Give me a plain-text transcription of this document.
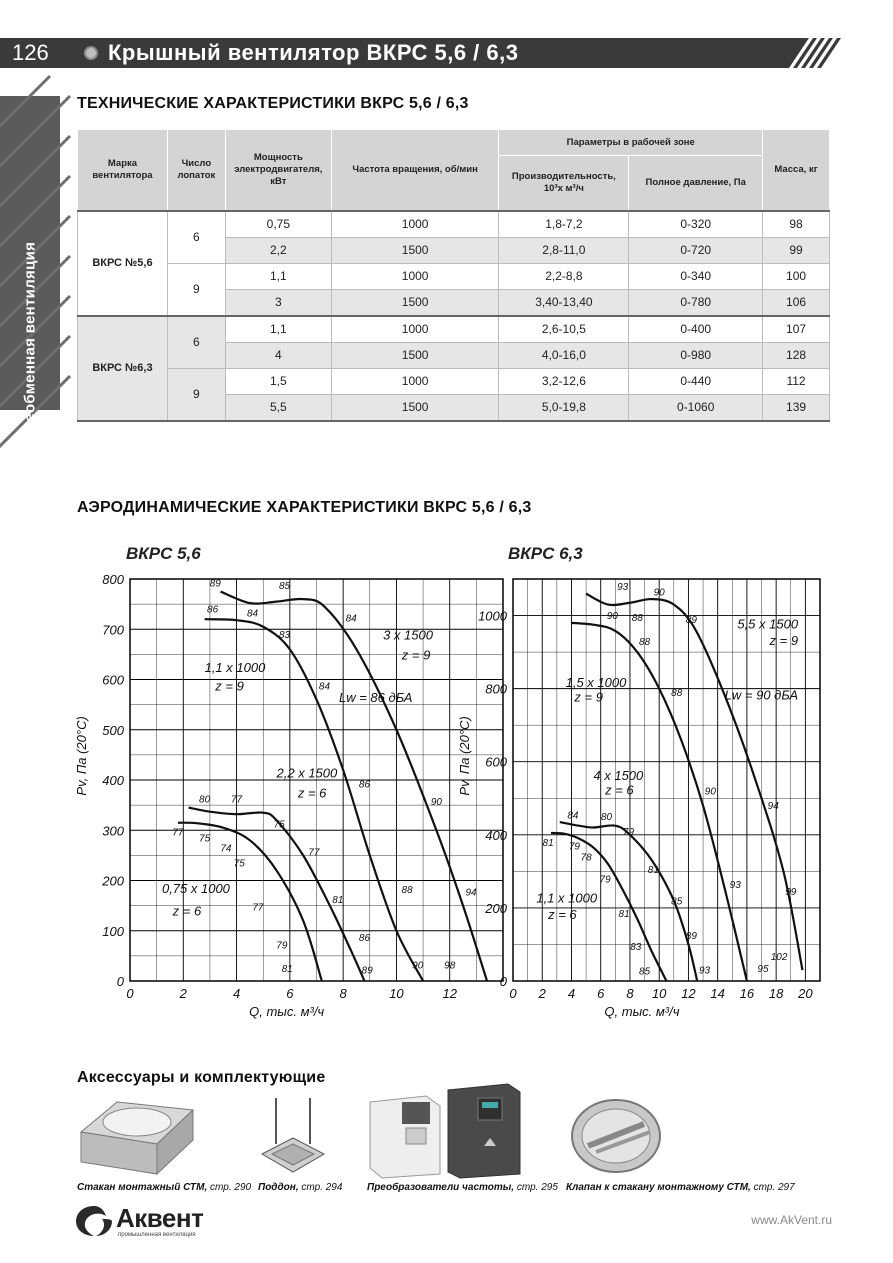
126	Крышный вентилятор ВКРС 5,6 / 6,3
Общеобменная вентиляция
ТЕХНИЧЕСКИЕ ХАРАКТЕРИСТИКИ ВКРС 5,6 / 6,3
Марка вентилятора	Число лопаток	Мощность электродвигателя, кВт	Частота вращения, об/мин	Параметры в рабочей зоне		Масса, кг
				Производительность, 10³х м³/ч	Полное давление, Па	
ВКРС №5,6	6	0,75	1000	1,8-7,2	0-320	98
		2,2	1500	2,8-11,0	0-720	99
	9	1,1	1000	2,2-8,8	0-340	100
		3	1500	3,40-13,40	0-780	106
ВКРС №6,3	6	1,1	1000	2,6-10,5	0-400	107
		4	1500	4,0-16,0	0-980	128
	9	1,5	1000	3,2-12,6	0-440	112
		5,5	1500	5,0-19,8	0-1060	139
АЭРОДИНАМИЧЕСКИЕ ХАРАКТЕРИСТИКИ ВКРС 5,6 / 6,3
ВКРС 5,6	ВКРС 6,3
0	2	4	6	8	10	12
0
100
200
300
400
500
600
700
800
Q, тыс. м³/ч
Pv, Па (20°C)
0,75 x 1000
z = 6
1,1 x 1000
z = 9
2,2 x 1500
z = 6
3 x 1500
z = 9
Lw = 86 дБА
89	85
86	84	84
83
84
86
90
88	94
90 98
89
86
81
77
75
80 77
77
75
74
75
77
79
81
0 2 4 6 8 10 12 14 16 18 20
0
200
400
600
800
1000
Q, тыс. м³/ч
Pv, Па (20°C)
1,1 x 1000
z = 6
1,5 x 1000
z = 9
4 x 1500
z = 6
5,5 x 1500
Lw = 90 дБА
93	90
90 88	89
88
88
90
94
93
99
95
102
93
89
85
81
79
80
84
81 79
78
79
81
83
85
z = 9
Аксессуары и комплектующие
Стакан монтажный СТМ, стр. 290 Поддон, стр. 294 Преобразователи частоты, стр. 295 Клапан к стакану монтажному СТМ, стр. 297
Аквент
промышленная вентиляция
www.AkVent.ru
